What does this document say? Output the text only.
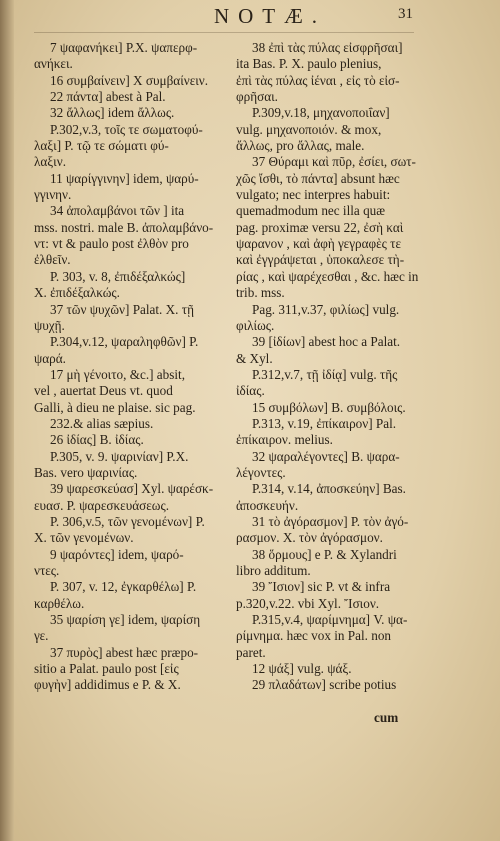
NOTÆ.	31
7 ψαφανήκει] P.X. ψαπερφ-
ανήκει.
16 συμβαίνειν] X συμβαίνειν.
22 πάντα] abest à Pal.
32 ἄλλως] idem ἄλλως.
P.302,v.3, τοῖς τε σωματοφύ-
λαξι] P. τῷ τε σώματι φύ-
λαξιν.
11 ψαρίγγινην] idem, ψαρύ-
γγινην.
34 ἀπολαμβάνοι τῶν ] ita
mss. nostri. male B. ἀπολαμβάνο-
ντ: vt & paulo post ἐλθὸν pro
ἐλθεῖν.
P. 303, v. 8, ἐπιδέξαλκώς]
X. ἐπιδέξαλκώς.
37 τῶν ψυχῶν] Palat. X. τῇ
ψυχῇ.
P.304,v.12, ψαραληφθῶν] P.
ψαρά.
17 μὴ γένοιτο, &c.] absit,
vel , auertat Deus vt. quod
Galli, à dieu ne plaise. sic pag.
232.& alias sæpius.
26 ἰδίας] B. ἰδίας.
P.305, v. 9. ψαρινίαν] P.X.
Bas. vero ψαρινίας.
39 ψαρεσκεύασ] Xyl. ψαρέσκ-
ευασ. P. ψαρεσκευάσεως.
P. 306,v.5, τῶν γενομένων] P.
X. τῶν γενομένων.
9 ψαρόντες] idem, ψαρό-
ντες.
P. 307, v. 12, ἐγκαρθέλω] P.
καρθέλω.
35 ψαρίση γε] idem, ψαρίση
γε.
37 πυρὸς] abest hæc præpo-
sitio a Palat. paulo post [εἰς
φυγὴν] addidimus e P. & X.
38 ἐπὶ τὰς πύλας εἰσφρῆσαι]
ita Bas. P. X. paulo plenius,
ἐπὶ τὰς πύλας ἰέναι , εἰς τὸ εἰσ-
φρῆσαι.
P.309,v.18, μηχανοποιΐαν]
vulg. μηχανοποιόν. & mox,
ἄλλως, pro ἄλλας, male.
37 Θύραμι καὶ πῦρ, ἐσίει, σωτ-
χῶς ἴσθι, τὸ πάντα] absunt hæc
vulgato; nec interpres habuit:
quemadmodum nec illa quæ
pag. proximæ versu 22, ἐσὴ καὶ
ψαρανον , καὶ ἀφὴ γεγραφὲς τε
καὶ ἐγγράψεται , ὑποκαλεσε τὴ-
ρίας , καὶ ψαρέχεσθαι , &c. hæc in
trib. mss.
Pag. 311,v.37, φιλίως] vulg.
φιλίως.
39 [ἰδίων] abest hoc a Palat.
& Xyl.
P.312,v.7, τῇ ἰδίᾳ] vulg. τῆς
ἰδίας.
15 συμβόλων] B. συμβόλοις.
P.313, v.19, ἐπίκαιρον] Pal.
ἐπίκαιρον. melius.
32 ψαραλέγοντες] B. ψαρα-
λέγοντες.
P.314, v.14, ἀποσκεύην] Bas.
ἀποσκευήν.
31 τὸ ἀγόρασμον] P. τὸν ἀγό-
ρασμον. X. τὸν ἀγόρασμον.
38 ὅρμους] e P. & Xylandri
libro additum.
39 Ἴσιον] sic P. vt & infra
p.320,v.22. vbi Xyl. Ἴσιον.
P.315,v.4, ψαρίμνημα] V. ψα-
ρίμνημα. hæc vox in Pal. non
paret.
12 ψάξ] vulg. ψάξ.
29 πλαδάτων] scribe potius
cum
